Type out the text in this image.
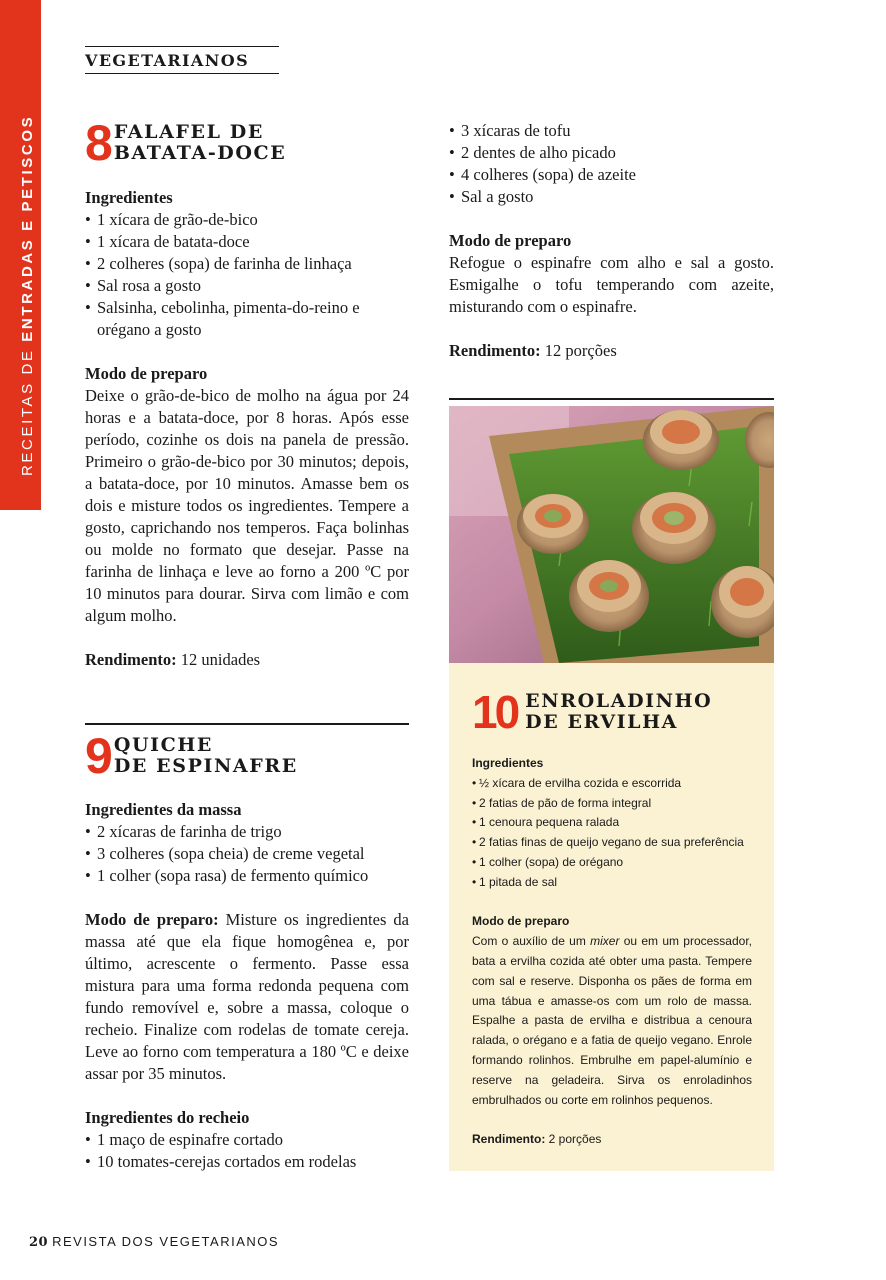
RECEITAS DE ENTRADAS E PETISCOS
VEGETARIANOS
8 FALAFEL DE
BATATA-DOCE

Ingredientes

• 1 xícara de grão-de-bico
• 1 xícara de batata-doce
• 2 colheres (sopa) de farinha de linhaça
• Sal rosa a gosto
• Salsinha, cebolinha, pimenta-do-reino e orégano a gosto

Modo de preparo

Deixe o grão-de-bico de molho na água por 24 horas e a batata-doce, por 8 horas. Após esse período, cozinhe os dois na panela de pressão. Primeiro o grão-de-bico por 30 minutos; depois, a batata-doce, por 10 minutos. Amasse bem os dois e misture todos os ingredientes. Tempere a gosto, caprichando nos temperos. Faça bolinhas ou molde no formato que desejar. Passe na farinha de linhaça e leve ao forno a 200 ºC por 10 minutos para dourar. Sirva com limão e com algum molho.

Rendimento: 12 unidades

9 QUICHE
DE ESPINAFRE

Ingredientes da massa

• 2 xícaras de farinha de trigo
• 3 colheres (sopa cheia) de creme vegetal
• 1 colher (sopa rasa) de fermento químico

Modo de preparo: Misture os ingredientes da massa até que ela fique homogênea e, por último, acrescente o fermento. Passe essa mistura para uma forma redonda pequena com fundo removível e, sobre a massa, coloque o recheio. Finalize com rodelas de tomate cereja. Leve ao forno com temperatura a 180 ºC e deixe assar por 35 minutos.

Ingredientes do recheio

• 1 maço de espinafre cortado
• 10 tomates-cerejas cortados em rodelas
• 3 xícaras de tofu
• 2 dentes de alho picado
• 4 colheres (sopa) de azeite
• Sal a gosto

Modo de preparo

Refogue o espinafre com alho e sal a gosto. Esmigalhe o tofu temperando com azeite, misturando com o espinafre.

Rendimento: 12 porções

10 ENROLADINHO
DE ERVILHA

Ingredientes

• ½ xícara de ervilha cozida e escorrida
• 2 fatias de pão de forma integral
• 1 cenoura pequena ralada
• 2 fatias finas de queijo vegano de sua preferência
• 1 colher (sopa) de orégano
• 1 pitada de sal

Modo de preparo

Com o auxílio de um mixer ou em um processador, bata a ervilha cozida até obter uma pasta. Tempere com sal e reserve. Disponha os pães de forma em uma tábua e amasse-os com um rolo de massa. Espalhe a pasta de ervilha e distribua a cenoura ralada, o orégano e a fatia de queijo vegano. Enrole formando rolinhos. Embrulhe em papel-alumínio e reserve na geladeira. Sirva os enroladinhos embrulhados ou corte em rolinhos pequenos.

Rendimento: 2 porções

20 REVISTA DOS VEGETARIANOS
